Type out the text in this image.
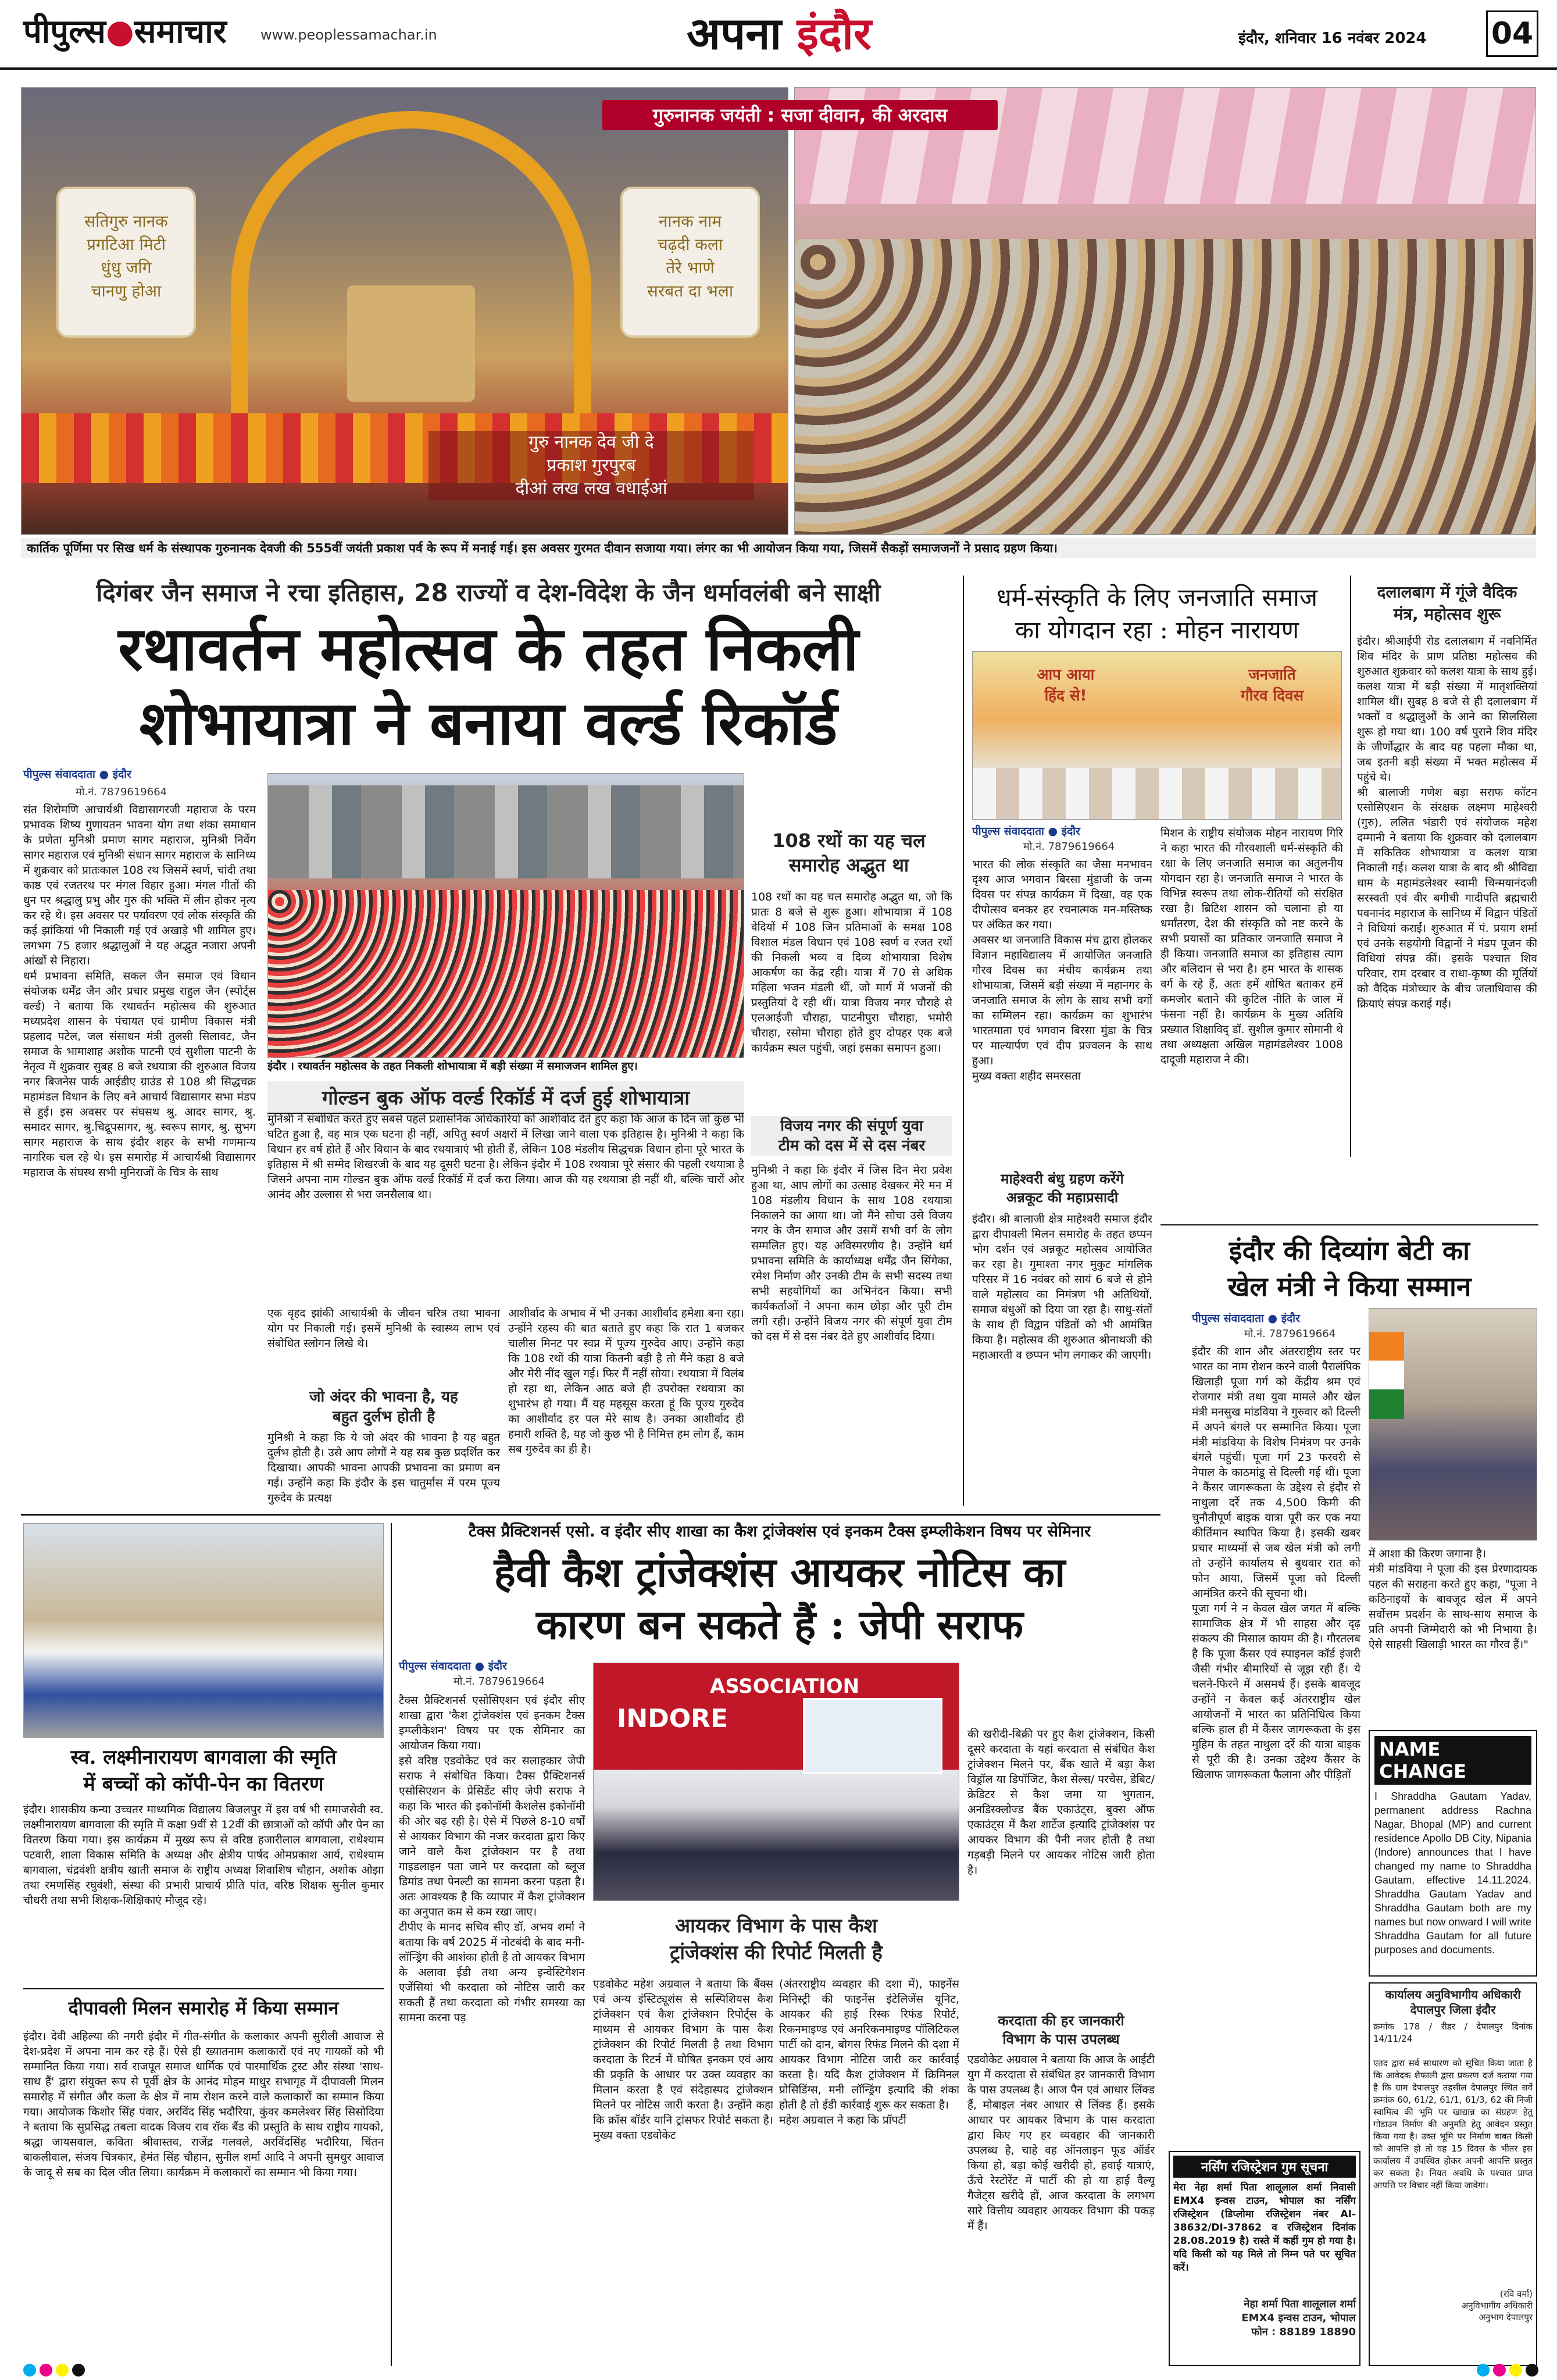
पीपुल्स●समाचार www.peoplessamachar.in	अपना इंदौर	इंदौर, शनिवार 16 नवंबर 2024 04
सतिगुरु नानक
प्रगटिआ मिटी
धुंधु जगि
चानणु होआ
नानक नाम
चढ़दी कला
तेरे भाणे
सरबत दा भला
गुरु नानक देव जी दे
प्रकाश गुरपुरब
दीआं लख लख वधाईआं
गुरुनानक जयंती : सजा दीवान, की अरदास
कार्तिक पूर्णिमा पर सिख धर्म के संस्थापक गुरुनानक देवजी की 555वीं जयंती प्रकाश पर्व के रूप में मनाई गई। इस अवसर गुरमत दीवान सजाया गया। लंगर का भी आयोजन किया गया, जिसमें सैकड़ों समाजजनों ने प्रसाद ग्रहण किया।
दिगंबर जैन समाज ने रचा इतिहास, 28 राज्यों व देश-विदेश के जैन धर्मावलंबी बने साक्षी
रथावर्तन महोत्सव के तहत निकली
शोभायात्रा ने बनाया वर्ल्ड रिकॉर्ड
पीपुल्स संवाददाता ● इंदौर
मो.नं. 7879619664
संत शिरोमणि आचार्यश्री विद्यासागरजी महाराज के परम प्रभावक शिष्य गुणायतन भावना योग तथा शंका समाधान के प्रणेता मुनिश्री प्रमाण सागर महाराज, मुनिश्री निर्वेग सागर महाराज एवं मुनिश्री संधान सागर महाराज के सानिध्य में शुक्रवार को प्रातःकाल 108 रथ जिसमें स्वर्ण, चांदी तथा काष्ठ एवं रजतरथ पर मंगल विहार हुआ। मंगल गीतों की धुन पर श्रद्धालु प्रभु और गुरु की भक्ति में लीन होकर नृत्य कर रहे थे। इस अवसर पर पर्यावरण एवं लोक संस्कृति की कई झांकियां भी निकाली गई एवं अखाड़े भी शामिल हुए। लगभग 75 हजार श्रद्धालुओं ने यह अद्भुत नजारा अपनी आंखों से निहारा।
धर्म प्रभावना समिति, सकल जैन समाज एवं विधान संयोजक धर्मेंद्र जैन और प्रचार प्रमुख राहुल जैन (स्पोर्ट्स वर्ल्ड) ने बताया कि रथावर्तन महोत्सव की शुरुआत मध्यप्रदेश शासन के पंचायत एवं ग्रामीण विकास मंत्री प्रहलाद पटेल, जल संसाधन मंत्री तुलसी सिलावट, जैन समाज के भामाशाह अशोक पाटनी एवं सुशीला पाटनी के नेतृत्व में शुक्रवार सुबह 8 बजे रथयात्रा की शुरुआत विजय नगर बिजनेस पार्क आईडीए ग्राउंड से 108 श्री सिद्धचक्र महामंडल विधान के लिए बने आचार्य विद्यासागर सभा मंडप से हुई। इस अवसर पर संघसथ श्रु. आदर सागर, श्रु. समादर सागर, श्रु.चिद्रूपसागर, श्रु. स्वरूप सागर, श्रु. सुभग सागर महाराज के साथ इंदौर शहर के सभी गणमान्य नागरिक चल रहे थे। इस समारोह में आचार्यश्री विद्यासागर महाराज के संघस्थ सभी मुनिराजों के चित्र के साथ
इंदौर । रथावर्तन महोत्सव के तहत निकली शोभायात्रा में बड़ी संख्या में समाजजन शामिल हुए।
108 रथों का यह चल
समारोह अद्भुत था
108 रथों का यह चल समारोह अद्भुत था, जो कि प्रातः 8 बजे से शुरू हुआ। शोभायात्रा में 108 वेदियों में 108 जिन प्रतिमाओं के समक्ष 108 विशाल मंडल विधान एवं 108 स्वर्ण व रजत रथों की निकली भव्य व दिव्य शोभायात्रा विशेष आकर्षण का केंद्र रही। यात्रा में 70 से अधिक महिला भजन मंडली थीं, जो मार्ग में भजनों की प्रस्तुतियां दे रही थीं। यात्रा विजय नगर चौराहे से एलआईजी चौराहा, पाटनीपुरा चौराहा, भमोरी चौराहा, रसोमा चौराहा होते हुए दोपहर एक बजे कार्यक्रम स्थल पहुंची, जहां इसका समापन हुआ।
गोल्डन बुक ऑफ वर्ल्ड रिकॉर्ड में दर्ज हुई शोभायात्रा
मुनिश्री ने संबोधित करते हुए सबसे पहले प्रशासनिक अधिकारियों को आशीर्वाद देते हुए कहा कि आज के दिन जो कुछ भी घटित हुआ है, वह मात्र एक घटना ही नहीं, अपितु स्वर्ण अक्षरों में लिखा जाने वाला एक इतिहास है। मुनिश्री ने कहा कि विधान हर वर्ष होते हैं और विधान के बाद रथयात्राएं भी होती हैं, लेकिन 108 मंडलीय सिद्धचक्र विधान होना पूरे भारत के इतिहास में श्री सम्मेद शिखरजी के बाद यह दूसरी घटना है। लेकिन इंदौर में 108 रथयात्रा पूरे संसार की पहली रथयात्रा है जिसने अपना नाम गोल्डन बुक ऑफ वर्ल्ड रिकॉर्ड में दर्ज करा लिया। आज की यह रथयात्रा ही नहीं थी, बल्कि चारों ओर आनंद और उल्लास से भरा जनसैलाब था।
एक वृहद झांकी आचार्यश्री के जीवन चरित्र तथा भावना योग पर निकाली गई। इसमें मुनिश्री के स्वास्थ्य लाभ एवं संबोधित स्लोगन लिखे थे।
जो अंदर की भावना है, यह
बहुत दुर्लभ होती है
मुनिश्री ने कहा कि ये जो अंदर की भावना है यह बहुत दुर्लभ होती है। उसे आप लोगों ने यह सब कुछ प्रदर्शित कर दिखाया। आपकी भावना आपकी प्रभावना का प्रमाण बन गई। उन्होंने कहा कि इंदौर के इस चातुर्मास में परम पूज्य गुरुदेव के प्रत्यक्ष
आशीर्वाद के अभाव में भी उनका आशीर्वाद हमेशा बना रहा। उन्होंने रहस्य की बात बताते हुए कहा कि रात 1 बजकर चालीस मिनट पर स्वप्न में पूज्य गुरुदेव आए। उन्होंने कहा कि 108 रथों की यात्रा कितनी बड़ी है तो मैंने कहा 8 बजे और मेरी नींद खुल गई। फिर मैं नहीं सोया। रथयात्रा में विलंब हो रहा था, लेकिन आठ बजे ही उपरोक्त रथयात्रा का शुभारंभ हो गया। मैं यह महसूस करता हूं कि पूज्य गुरुदेव का आशीर्वाद हर पल मेरे साथ है। उनका आशीर्वाद ही हमारी शक्ति है, यह जो कुछ भी है निमित्त हम लोग हैं, काम सब गुरुदेव का ही है।
विजय नगर की संपूर्ण युवा
टीम को दस में से दस नंबर
मुनिश्री ने कहा कि इंदौर में जिस दिन मेरा प्रवेश हुआ था, आप लोगों का उत्साह देखकर मेरे मन में 108 मंडलीय विधान के साथ 108 रथयात्रा निकालने का आया था। जो मैंने सोचा उसे विजय नगर के जैन समाज और उसमें सभी वर्ग के लोग सम्मलित हुए। यह अविस्मरणीय है। उन्होंने धर्म प्रभावना समिति के कार्याध्यक्ष धर्मेंद्र जैन सिंगेका, रमेश निर्माण और उनकी टीम के सभी सदस्य तथा सभी सहयोगियों का अभिनंदन किया। सभी कार्यकर्ताओं ने अपना काम छोड़ा और पूरी टीम लगी रही। उन्होंने विजय नगर की संपूर्ण युवा टीम को दस में से दस नंबर देते हुए आशीर्वाद दिया।
धर्म-संस्कृति के लिए जनजाति समाज
का योगदान रहा : मोहन नारायण
आप आया
हिंद से!
जनजाति
गौरव दिवस
पीपुल्स संवाददाता ● इंदौर
मो.नं. 7879619664
भारत की लोक संस्कृति का जैसा मनभावन दृश्य आज भगवान बिरसा मुंडाजी के जन्म दिवस पर संपन्न कार्यक्रम में दिखा, वह एक दीपोत्सव बनकर हर रचनात्मक मन-मस्तिष्क पर अंकित कर गया।
अवसर था जनजाति विकास मंच द्वारा होलकर विज्ञान महाविद्यालय में आयोजित जनजाति गौरव दिवस का मंचीय कार्यक्रम तथा शोभायात्रा, जिसमें बड़ी संख्या में महानगर के जनजाति समाज के लोग के साथ सभी वर्गों का सम्मिलन रहा। कार्यक्रम का शुभारंभ भारतमाता एवं भगवान बिरसा मुंडा के चित्र पर माल्यार्पण एवं दीप प्रज्वलन के साथ हुआ।
मुख्य वक्ता शहीद समरसता
मिशन के राष्ट्रीय संयोजक मोहन नारायण गिरि ने कहा भारत की गौरवशाली धर्म-संस्कृति की रक्षा के लिए जनजाति समाज का अतुलनीय योगदान रहा है। जनजाति समाज ने भारत के विभिन्न स्वरूप तथा लोक-रीतियों को संरक्षित रखा है। ब्रिटिश शासन को चलाना हो या धर्मांतरण, देश की संस्कृति को नष्ट करने के सभी प्रयासों का प्रतिकार जनजाति समाज ने ही किया। जनजाति समाज का इतिहास त्याग और बलिदान से भरा है। हम भारत के शासक वर्ग के रहे हैं, अतः हमें शोषित बताकर हमें कमजोर बताने की कुटिल नीति के जाल में फंसना नहीं है। कार्यक्रम के मुख्य अतिथि प्रख्यात शिक्षाविद् डॉ. सुशील कुमार सोमानी थे तथा अध्यक्षता अखिल महामंडलेश्वर 1008 दादूजी महाराज ने की।
माहेश्वरी बंधु ग्रहण करेंगे
अन्नकूट की महाप्रसादी
इंदौर। श्री बालाजी क्षेत्र माहेश्वरी समाज इंदौर द्वारा दीपावली मिलन समारोह के तहत छप्पन भोग दर्शन एवं अन्नकूट महोत्सव आयोजित कर रहा है। गुमाश्ता नगर मुकुट मांगलिक परिसर में 16 नवंबर को सायं 6 बजे से होने वाले महोत्सव का निमंत्रण भी अतिथियों, समाज बंधुओं को दिया जा रहा है। साधु-संतों के साथ ही विद्वान पंडितों को भी आमंत्रित किया है। महोत्सव की शुरुआत श्रीनाथजी की महाआरती व छप्पन भोग लगाकर की जाएगी।
दलालबाग में गूंजे वैदिक
मंत्र, महोत्सव शुरू
इंदौर। श्रीआईपी रोड दलालबाग में नवनिर्मित शिव मंदिर के प्राण प्रतिष्ठा महोत्सव की शुरुआत शुक्रवार को कलश यात्रा के साथ हुई। कलश यात्रा में बड़ी संख्या में मातृशक्तियां शामिल थीं। सुबह 8 बजे से ही दलालबाग में भक्तों व श्रद्धालुओं के आने का सिलसिला शुरू हो गया था। 100 वर्ष पुराने शिव मंदिर के जीर्णोद्धार के बाद यह पहला मौका था, जब इतनी बड़ी संख्या में भक्त महोत्सव में पहुंचे थे।
श्री बालाजी गणेश बड़ा सराफ कॉटन एसोसिएशन के संरक्षक लक्ष्मण माहेश्वरी (गुरु), ललित भंडारी एवं संयोजक महेश दम्मानी ने बताया कि शुक्रवार को दलालबाग में सकितिक शोभायात्रा व कलश यात्रा निकाली गई। कलश यात्रा के बाद श्री श्रीविद्या धाम के महामंडलेश्वर स्वामी चिन्मयानंदजी सरस्वती एवं वीर बगीची गादीपति ब्रह्मचारी पवनानंद महाराज के सानिध्य में विद्वान पंडितों ने विधियां कराईं। शुरुआत में पं. प्रयाग शर्मा एवं उनके सहयोगी विद्वानों ने मंडप पूजन की विधियां संपन्न कीं। इसके पश्चात शिव परिवार, राम दरबार व राधा-कृष्ण की मूर्तियों को वैदिक मंत्रोच्चार के बीच जलाधिवास की क्रियाएं संपन्न कराई गईं।
इंदौर की दिव्यांग बेटी का
खेल मंत्री ने किया सम्मान
पीपुल्स संवाददाता ● इंदौर
मो.नं. 7879619664
इंदौर की शान और अंतरराष्ट्रीय स्तर पर भारत का नाम रोशन करने वाली पैरालंपिक खिलाड़ी पूजा गर्ग को केंद्रीय श्रम एवं रोजगार मंत्री तथा युवा मामले और खेल मंत्री मनसुख मांडविया ने गुरुवार को दिल्ली में अपने बंगले पर सम्मानित किया। पूजा मंत्री मांडविया के विशेष निमंत्रण पर उनके बंगले पहुंचीं। पूजा गर्ग 23 फरवरी से नेपाल के काठमांडू से दिल्ली गई थीं। पूजा ने कैंसर जागरूकता के उद्देश्य से इंदौर से नाथुला दर्रे तक 4,500 किमी की चुनौतीपूर्ण बाइक यात्रा पूरी कर एक नया कीर्तिमान स्थापित किया है। इसकी खबर प्रचार माध्यमों से जब खेल मंत्री को लगी तो उन्होंने कार्यालय से बुधवार रात को फोन आया, जिसमें पूजा को दिल्ली आमंत्रित करने की सूचना थी।
पूजा गर्ग ने न केवल खेल जगत में बल्कि सामाजिक क्षेत्र में भी साहस और दृढ़ संकल्प की मिसाल कायम की है। गौरतलब है कि पूजा कैंसर एवं स्पाइनल कॉर्ड इंजरी जैसी गंभीर बीमारियों से जूझ रही हैं। ये चलने-फिरने में असमर्थ हैं। इसके बावजूद उन्होंने न केवल कई अंतरराष्ट्रीय खेल आयोजनों में भारत का प्रतिनिधित्व किया बल्कि हाल ही में कैंसर जागरूकता के इस मुहिम के तहत नाथुला दर्रे की यात्रा बाइक से पूरी की है। उनका उद्देश्य कैंसर के खिलाफ जागरूकता फैलाना और पीड़ितों
में आशा की किरण जगाना है।
मंत्री मांडविया ने पूजा की इस प्रेरणादायक पहल की सराहना करते हुए कहा, "पूजा ने कठिनाइयों के बावजूद खेल में अपने सर्वोत्तम प्रदर्शन के साथ-साथ समाज के प्रति अपनी जिम्मेदारी को भी निभाया है। ऐसे साहसी खिलाड़ी भारत का गौरव हैं।"
NAME CHANGE
I Shraddha Gautam Yadav, permanent address Rachna Nagar, Bhopal (MP) and current residence Apollo DB City, Nipania (Indore) announces that I have changed my name to Shraddha Gautam, effective 14.11.2024. Shraddha Gautam Yadav and Shraddha Gautam both are my names but now onward I will write Shraddha Gautam for all future purposes and documents.
कार्यालय अनुविभागीय अधिकारी
देपालपुर जिला इंदौर
क्रमांक 178 / रीडर / देपालपुर दिनांक 14/11/24

एतद द्वारा सर्व साधारण को सूचित किया जाता है कि आवेदक शैफाली द्वारा प्रकरण दर्ज कराया गया है कि ग्राम देपालपुर तहसील देपालपुर स्थित सर्वे क्रमांक 60, 61/2, 61/1, 61/3, 62 की निजी स्वामित्व की भूमि पर खाद्यान्न का संग्रहण हेतु गोडाउन निर्माण की अनुमति हेतु आवेदन प्रस्तुत किया गया है। उक्त भूमि पर निर्माण बाबत किसी को आपत्ति हो तो वह 15 दिवस के भीतर इस कार्यालय में उपस्थित होकर अपनी आपत्ति प्रस्तुत कर सकता है। नियत अवधि के पश्चात प्राप्त आपत्ति पर विचार नहीं किया जावेगा।
(रवि वर्मा)
अनुविभागीय अधिकारी
अनुभाग देपालपुर
नर्सिंग रजिस्ट्रेशन गुम सूचना
मेरा नेहा शर्मा पिता शालूलाल शर्मा निवासी EMX4 इन्वस टाउन, भोपाल का नर्सिंग रजिस्ट्रेशन (डिप्लोमा रजिस्ट्रेशन नंबर AI-38632/DI-37862 व रजिस्ट्रेशन दिनांक 28.08.2019 है) रास्ते में कहीं गुम हो गया है। यदि किसी को यह मिले तो निम्न पते पर सूचित करें।
नेहा शर्मा पिता शालूलाल शर्मा
EMX4 इन्वस टाउन, भोपाल
फोन : 88189 18890
स्व. लक्ष्मीनारायण बागवाला की स्मृति
में बच्चों को कॉपी-पेन का वितरण
इंदौर। शासकीय कन्या उच्चतर माध्यमिक विद्यालय बिजलपुर में इस वर्ष भी समाजसेवी स्व. लक्ष्मीनारायण बागवाला की स्मृति में कक्षा 9वीं से 12वीं की छात्राओं को कॉपी और पेन का वितरण किया गया। इस कार्यक्रम में मुख्य रूप से वरिष्ठ हजारीलाल बागवाला, राधेश्याम पटवारी, शाला विकास समिति के अध्यक्ष और क्षेत्रीय पार्षद ओमप्रकाश आर्य, राधेश्याम बागवाला, चंद्रवंशी क्षत्रीय खाती समाज के राष्ट्रीय अध्यक्ष शिवाशिष चौहान, अशोक ओझा तथा रमणसिंह रघुवंशी, संस्था की प्रभारी प्राचार्य प्रीति पांत, वरिष्ठ शिक्षक सुनील कुमार चौधरी तथा सभी शिक्षक-शिक्षिकाएं मौजूद रहे।
दीपावली मिलन समारोह में किया सम्मान
इंदौर। देवी अहिल्या की नगरी इंदौर में गीत-संगीत के कलाकार अपनी सुरीली आवाज से देश-प्रदेश में अपना नाम कर रहे हैं। ऐसे ही ख्यातनाम कलाकारों एवं नए गायकों को भी सम्मानित किया गया। सर्व राजपूत समाज धार्मिक एवं पारमार्थिक ट्रस्ट और संस्था 'साथ-साथ हैं' द्वारा संयुक्त रूप से पूर्वी क्षेत्र के आनंद मोहन माथुर सभागृह में दीपावली मिलन समारोह में संगीत और कला के क्षेत्र में नाम रोशन करने वाले कलाकारों का सम्मान किया गया। आयोजक किशोर सिंह पंवार, अरविंद सिंह भदौरिया, कुंवर कमलेश्वर सिंह सिसोदिया ने बताया कि सुप्रसिद्ध तबला वादक विजय राव रॉक बैंड की प्रस्तुति के साथ राष्ट्रीय गायको, श्रद्धा जायसवाल, कविता श्रीवास्तव, राजेंद्र गलवले, अरविंदसिंह भदौरिया, चिंतन बाकलीवाल, संजय चित्रकार, हेमंत सिंह चौहान, सुनील शर्मा आदि ने अपनी सुमधुर आवाज के जादू से सब का दिल जीत लिया। कार्यक्रम में कलाकारों का सम्मान भी किया गया।
टैक्स प्रैक्टिशनर्स एसो. व इंदौर सीए शाखा का कैश ट्रांजेक्शंस एवं इनकम टैक्स इम्प्लीकेशन विषय पर सेमिनार
हैवी कैश ट्रांजेक्शंस आयकर नोटिस का
कारण बन सकते हैं : जेपी सराफ
पीपुल्स संवाददाता ● इंदौर
मो.नं. 7879619664
टैक्स प्रैक्टिशनर्स एसोसिएशन एवं इंदौर सीए शाखा द्वारा 'कैश ट्रांजेक्शंस एवं इनकम टैक्स इम्प्लीकेशन' विषय पर एक सेमिनार का आयोजन किया गया।
इसे वरिष्ठ एडवोकेट एवं कर सलाहकार जेपी सराफ ने संबोधित किया। टैक्स प्रैक्टिशनर्स एसोसिएशन के प्रेसिडेंट सीए जेपी सराफ ने कहा कि भारत की इकोनॉमी कैशलेस इकोनॉमी की ओर बढ़ रही है। ऐसे में पिछले 8-10 वर्षों से आयकर विभाग की नजर करदाता द्वारा किए जाने वाले कैश ट्रांजेक्शन पर है तथा गाइडलाइन पता जाने पर करदाता को ब्लूज डिमांड तथा पेनल्टी का सामना करना पड़ता है। अतः आवश्यक है कि व्यापार में कैश ट्रांजेक्शन का अनुपात कम से कम रखा जाए।
टीपीए के मानद सचिव सीए डॉ. अभय शर्मा ने बताया कि वर्ष 2025 में नोटबंदी के बाद मनी-लॉन्ड्रिंग की आशंका होती है तो आयकर विभाग के अलावा ईडी तथा अन्य इन्वेस्टिगेशन एजेंसियां भी करदाता को नोटिस जारी कर सकती हैं तथा करदाता को गंभीर समस्या का सामना करना पड़
ASSOCIATION
INDORE
आयकर विभाग के पास कैश
ट्रांजेक्शंस की रिपोर्ट मिलती है
एडवोकेट महेश अग्रवाल ने बताया कि बैंक्स एवं अन्य इंस्टिट्यूशंस से सस्पिशियस कैश ट्रांजेक्शन एवं कैश ट्रांजेक्शन रिपोर्ट्स के माध्यम से आयकर विभाग के पास कैश ट्रांजेक्शन की रिपोर्ट मिलती है तथा विभाग करदाता के रिटर्न में घोषित इनकम एवं आय की प्रकृति के आधार पर उक्त व्यवहार का मिलान करता है एवं संदेहास्पद ट्रांजेक्शन मिलने पर नोटिस जारी करता है। उन्होंने कहा कि क्रॉस बॉर्डर यानि ट्रांसफर रिपोर्ट सकता है। मुख्य वक्ता एडवोकेट
(अंतरराष्ट्रीय व्यवहार की दशा में), फाइनेंस मिनिस्ट्री की फाइनेंस इंटेलिजेंस यूनिट, आयकर की हाई रिस्क रिफंड रिपोर्ट, रिकनमाइण्ड एवं अनरिकनमाइण्ड पॉलिटिकल पार्टी को दान, बोगस रिफंड मिलने की दशा में आयकर विभाग नोटिस जारी कर कार्रवाई करता है। यदि कैश ट्रांजेक्शन में क्रिमिनल प्रोसिडिंग्स, मनी लॉन्ड्रिंग इत्यादि की शंका होती है तो ईडी कार्रवाई शुरू कर सकता है।
महेश अग्रवाल ने कहा कि प्रॉपर्टी
की खरीदी-बिक्री पर हुए कैश ट्रांजेक्शन, किसी दूसरे करदाता के यहां करदाता से संबंधित कैश ट्रांजेक्शन मिलने पर, बैंक खाते में बड़ा कैश विड्रॉल या डिपॉजिट, कैश सेल्स/ परचेस, डेबिट/ क्रेडिटर से कैश जमा या भुगतान, अनडिस्क्लोज्ड बैंक एकाउंट्स, बुक्स ऑफ एकाउंट्स में कैश शार्टेज इत्यादि ट्रांजेक्शंस पर आयकर विभाग की पैनी नजर होती है तथा गड़बड़ी मिलने पर आयकर नोटिस जारी होता है।
करदाता की हर जानकारी
विभाग के पास उपलब्ध
एडवोकेट अग्रवाल ने बताया कि आज के आईटी युग में करदाता से संबंधित हर जानकारी विभाग के पास उपलब्ध है। आज पैन एवं आधार लिंक्ड हैं, मोबाइल नंबर आधार से लिंक्ड हैं। इसके आधार पर आयकर विभाग के पास करदाता द्वारा किए गए हर व्यवहार की जानकारी उपलब्ध है, चाहे वह ऑनलाइन फूड ऑर्डर किया हो, बड़ा कोई खरीदी हो, हवाई यात्राएं, ऊँचे रेस्टोरेंट में पार्टी की हो या हाई वैल्यू गैजेट्स खरीदे हों, आज करदाता के लगभग सारे वित्तीय व्यवहार आयकर विभाग की पकड़ में हैं।
